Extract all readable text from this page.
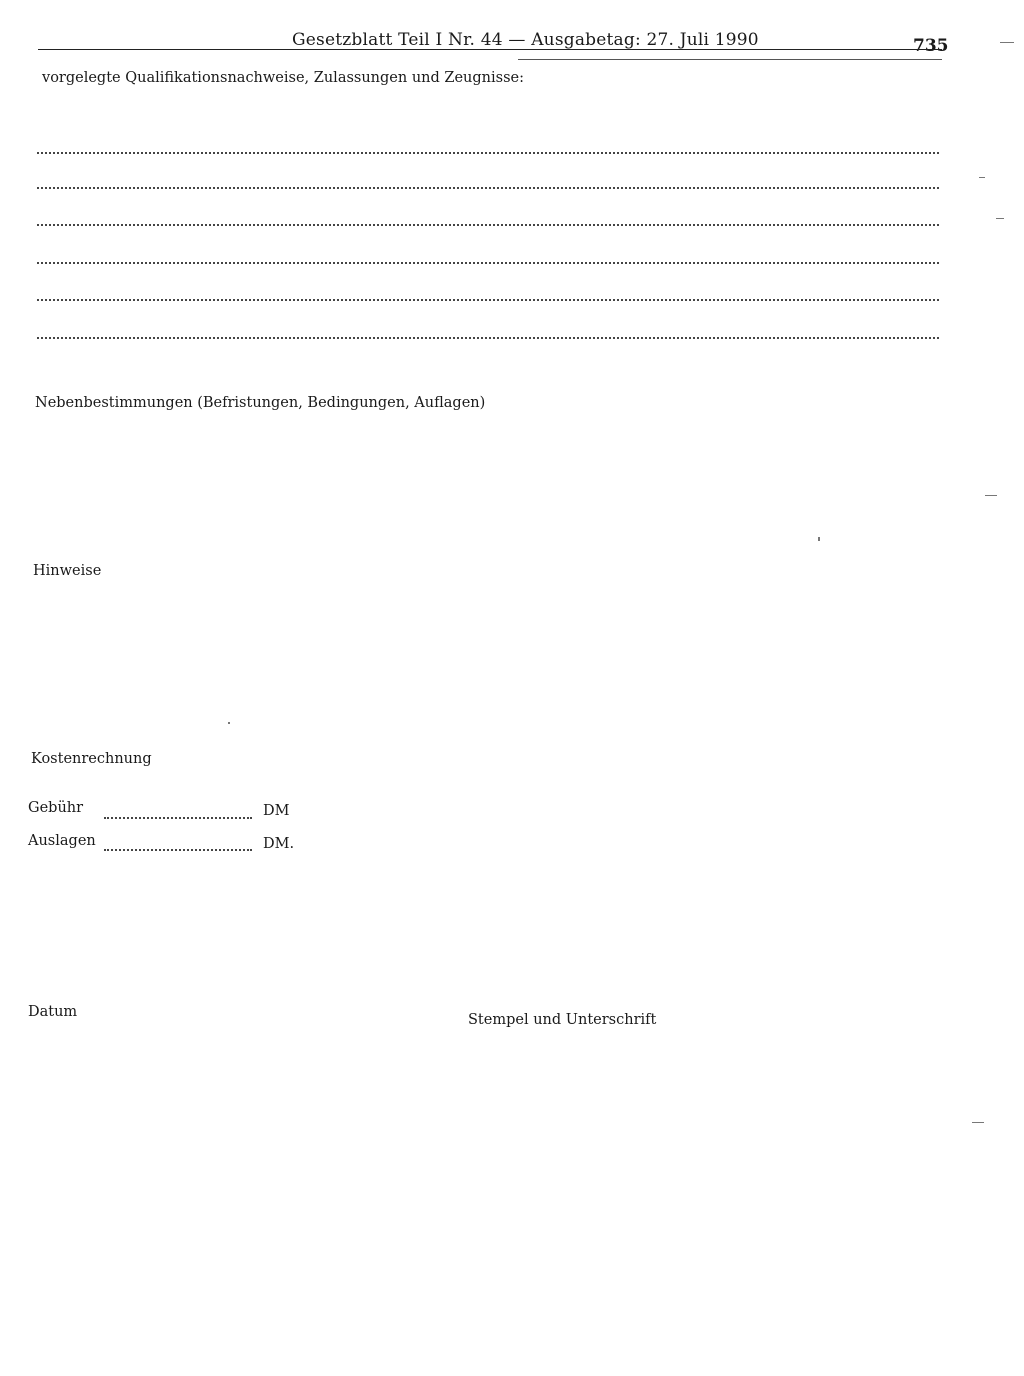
Gesetzblatt Teil I Nr. 44 — Ausgabetag: 27. Juli 1990	735
vorgelegte Qualifikationsnachweise, Zulassungen und Zeugnisse:
Nebenbestimmungen (Befristungen, Bedingungen, Auflagen)
Hinweise
Kostenrechnung
Gebühr	DM
Auslagen	DM.
Datum	Stempel und Unterschrift
